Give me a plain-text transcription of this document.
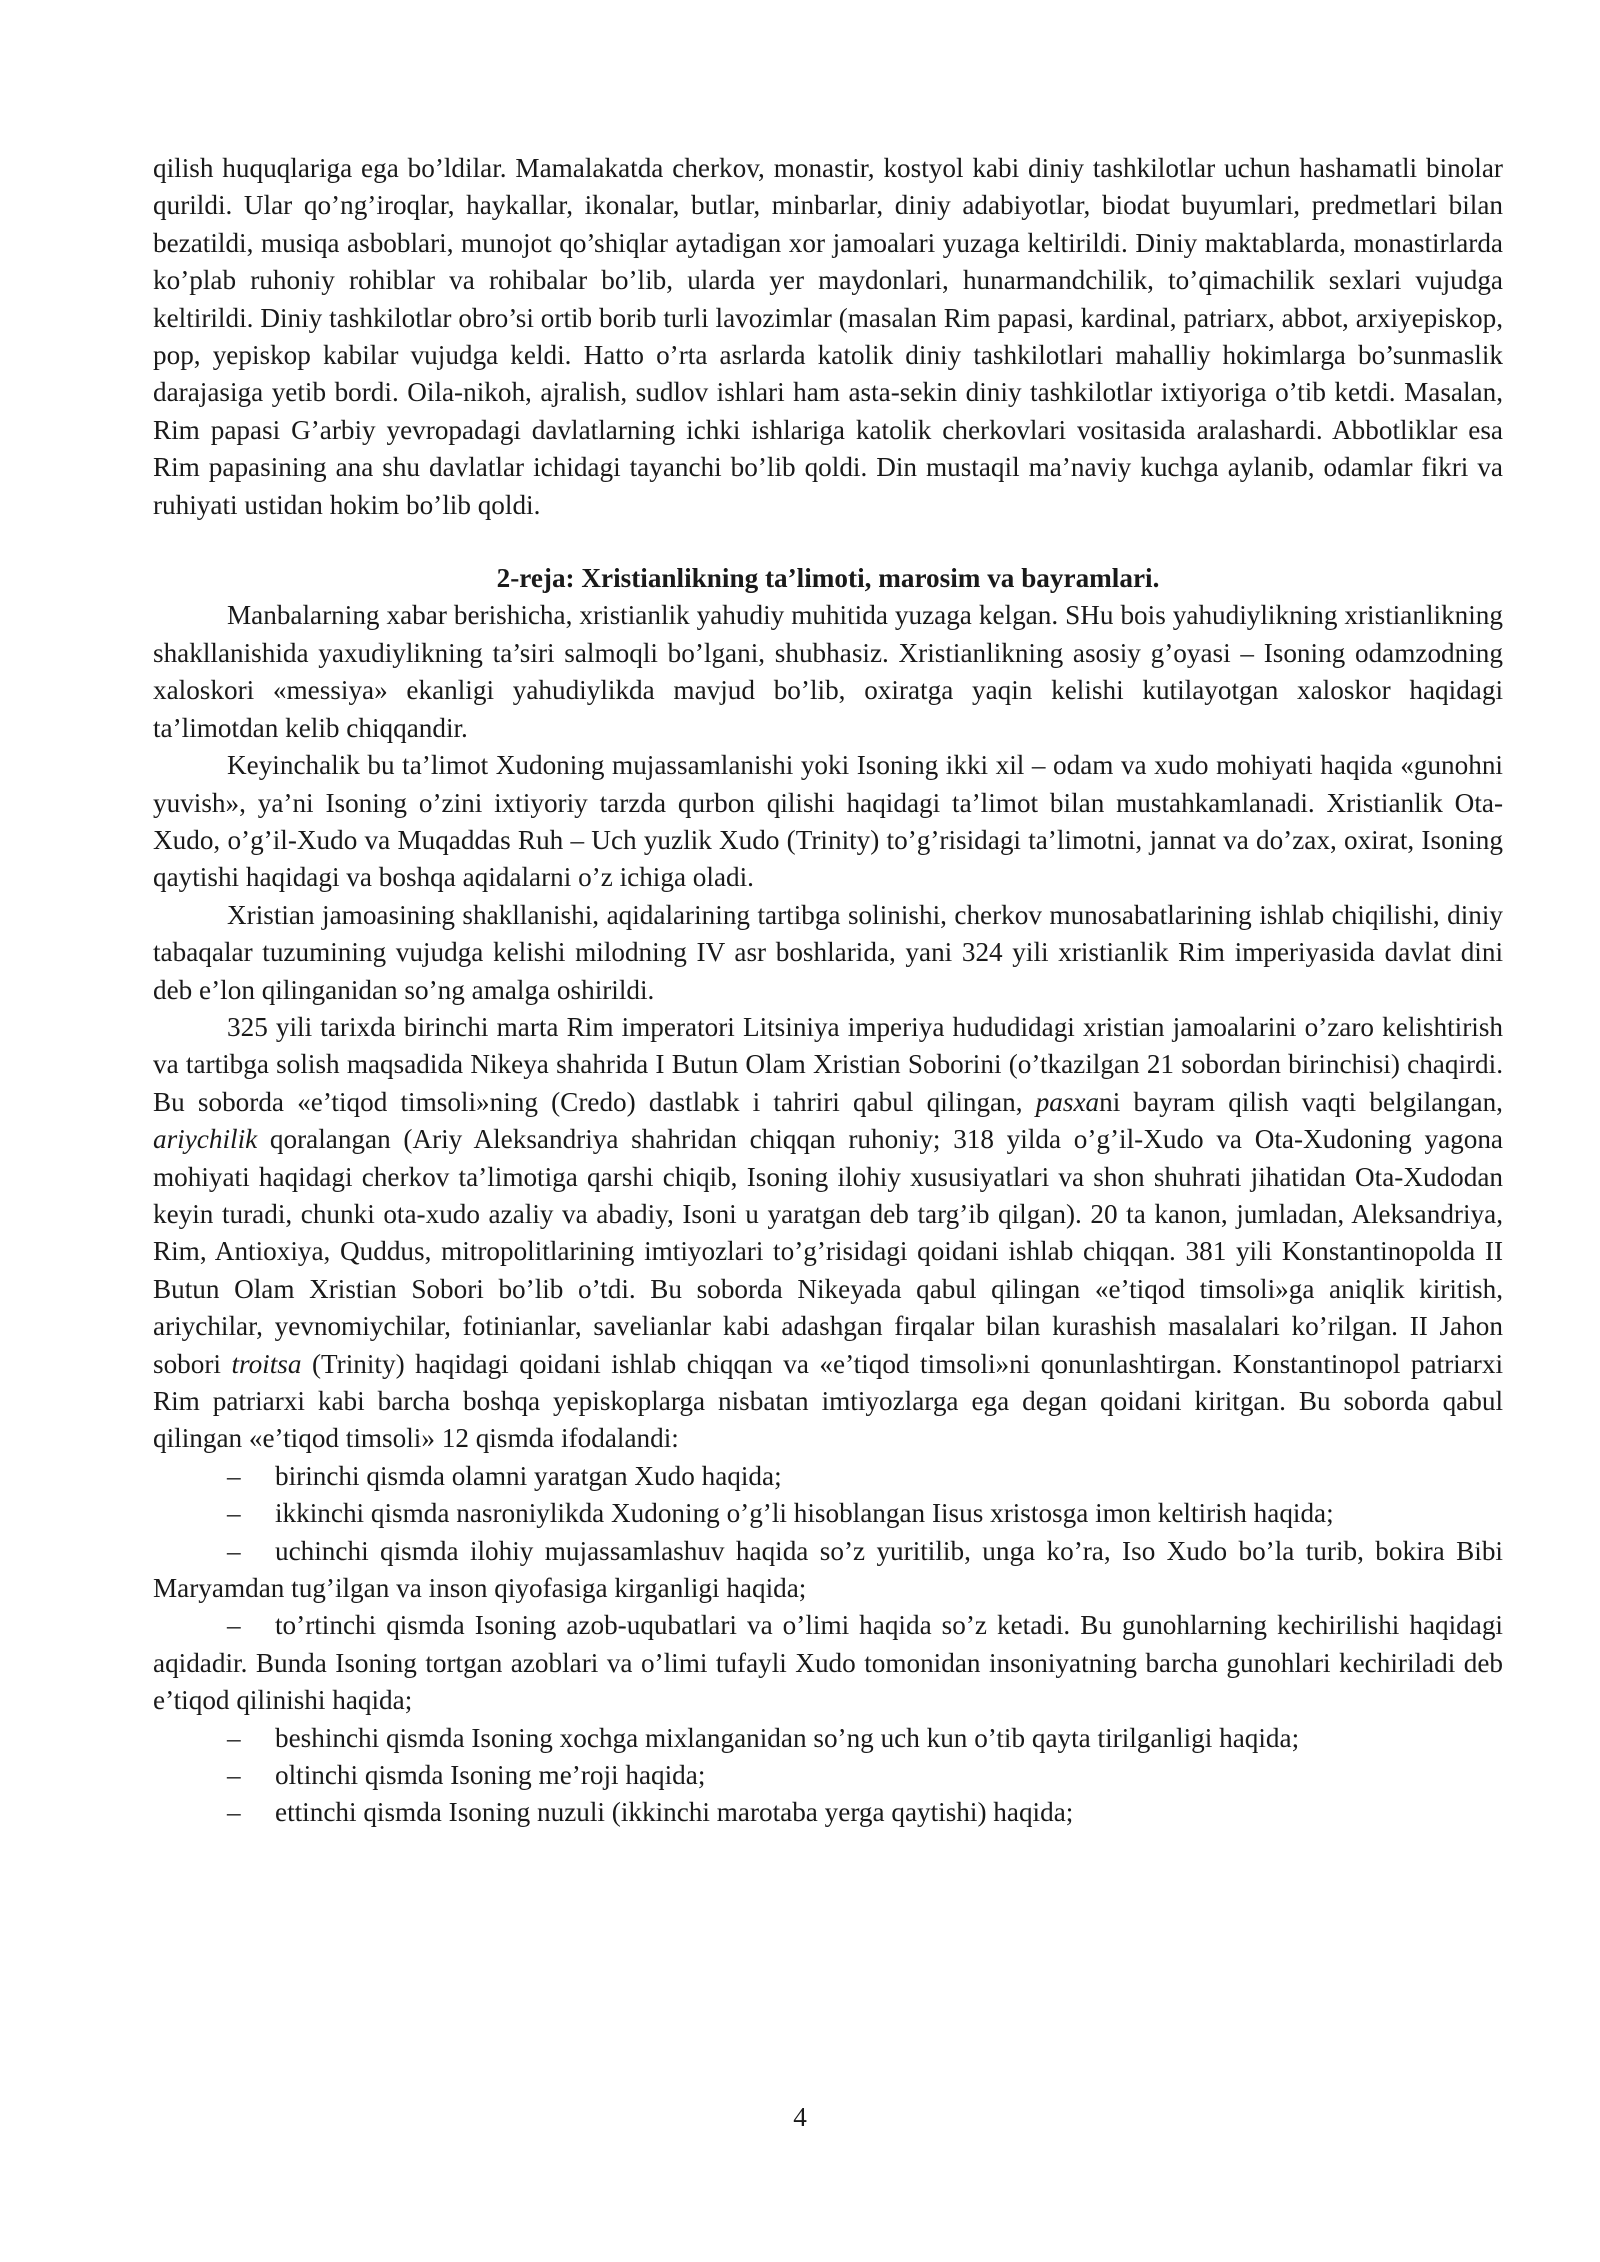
qilish huquqlariga ega bo’ldilar. Mamalakatda cherkov, monastir, kostyol kabi diniy tashkilotlar uchun hashamatli binolar qurildi. Ular qo’ng’iroqlar, haykallar, ikonalar, butlar, minbarlar, diniy adabiyotlar, biodat buyumlari, predmetlari bilan bezatildi, musiqa asboblari, munojot qo’shiqlar aytadigan xor jamoalari yuzaga keltirildi. Diniy maktablarda, monastirlarda ko’plab ruhoniy rohiblar va rohibalar bo’lib, ularda yer maydonlari, hunarmandchilik, to’qimachilik sexlari vujudga keltirildi. Diniy tashkilotlar obro’si ortib borib turli lavozimlar (masalan Rim papasi, kardinal, patriarx, abbot, arxiyepiskop, pop, yepiskop kabilar vujudga keldi. Hatto o’rta asrlarda katolik diniy tashkilotlari mahalliy hokimlarga bo’sunmaslik darajasiga yetib bordi. Oila-nikoh, ajralish, sudlov ishlari ham asta-sekin diniy tashkilotlar ixtiyoriga o’tib ketdi. Masalan, Rim papasi G’arbiy yevropadagi davlatlarning ichki ishlariga katolik cherkovlari vositasida aralashardi. Abbotliklar esa Rim papasining ana shu davlatlar ichidagi tayanchi bo’lib qoldi. Din mustaqil ma’naviy kuchga aylanib, odamlar fikri va ruhiyati ustidan hokim bo’lib qoldi.

2-reja: Xristianlikning ta’limoti, marosim va bayramlari.

Manbalarning xabar berishicha, xristianlik yahudiy muhitida yuzaga kelgan. SHu bois yahudiylikning xristianlikning shakllanishida yaxudiylikning ta’siri salmoqli bo’lgani, shubhasiz. Xristianlikning asosiy g’oyasi – Isoning odamzodning xaloskori «messiya» ekanligi yahudiylikda mavjud bo’lib, oxiratga yaqin kelishi kutilayotgan xaloskor haqidagi ta’limotdan kelib chiqqandir.

Keyinchalik bu ta’limot Xudoning mujassamlanishi yoki Isoning ikki xil – odam va xudo mohiyati haqida «gunohni yuvish», ya’ni Isoning o’zini ixtiyoriy tarzda qurbon qilishi haqidagi ta’limot bilan mustahkamlanadi. Xristianlik Ota-Xudo, o’g’il-Xudo va Muqaddas Ruh – Uch yuzlik Xudo (Trinity) to’g’risidagi ta’limotni, jannat va do’zax, oxirat, Isoning qaytishi haqidagi va boshqa aqidalarni o’z ichiga oladi.

Xristian jamoasining shakllanishi, aqidalarining tartibga solinishi, cherkov munosabatlarining ishlab chiqilishi, diniy tabaqalar tuzumining vujudga kelishi milodning IV asr boshlarida, yani 324 yili xristianlik Rim imperiyasida davlat dini deb e’lon qilinganidan so’ng amalga oshirildi.

325 yili tarixda birinchi marta Rim imperatori Litsiniya imperiya hududidagi xristian jamoalarini o’zaro kelishtirish va tartibga solish maqsadida Nikeya shahrida I Butun Olam Xristian Soborini (o’tkazilgan 21 sobordan birinchisi) chaqirdi. Bu soborda «e’tiqod timsoli»ning (Credo) dastlabk i tahriri qabul qilingan, pasxani bayram qilish vaqti belgilangan, ariychilik qoralangan (Ariy Aleksandriya shahridan chiqqan ruhoniy; 318 yilda o’g’il-Xudo va Ota-Xudoning yagona mohiyati haqidagi cherkov ta’limotiga qarshi chiqib, Isoning ilohiy xususiyatlari va shon shuhrati jihatidan Ota-Xudodan keyin turadi, chunki ota-xudo azaliy va abadiy, Isoni u yaratgan deb targ’ib qilgan). 20 ta kanon, jumladan, Aleksandriya, Rim, Antioxiya, Quddus, mitropolitlarining imtiyozlari to’g’risidagi qoidani ishlab chiqqan. 381 yili Konstantinopolda II Butun Olam Xristian Sobori bo’lib o’tdi. Bu soborda Nikeyada qabul qilingan «e’tiqod timsoli»ga aniqlik kiritish, ariychilar, yevnomiychilar, fotinianlar, savelianlar kabi adashgan firqalar bilan kurashish masalalari ko’rilgan. II Jahon sobori troitsa (Trinity) haqidagi qoidani ishlab chiqqan va «e’tiqod timsoli»ni qonunlashtirgan. Konstantinopol patriarxi Rim patriarxi kabi barcha boshqa yepiskoplarga nisbatan imtiyozlarga ega degan qoidani kiritgan. Bu soborda qabul qilingan «e’tiqod timsoli» 12 qismda ifodalandi:

– birinchi qismda olamni yaratgan Xudo haqida;

– ikkinchi qismda nasroniylikda Xudoning o’g’li hisoblangan Iisus xristosga imon keltirish haqida;

– uchinchi qismda ilohiy mujassamlashuv haqida so’z yuritilib, unga ko’ra, Iso Xudo bo’la turib, bokira Bibi Maryamdan tug’ilgan va inson qiyofasiga kirganligi haqida;

– to’rtinchi qismda Isoning azob-uqubatlari va o’limi haqida so’z ketadi. Bu gunohlarning kechirilishi haqidagi aqidadir. Bunda Isoning tortgan azoblari va o’limi tufayli Xudo tomonidan insoniyatning barcha gunohlari kechiriladi deb e’tiqod qilinishi haqida;

– beshinchi qismda Isoning xochga mixlanganidan so’ng uch kun o’tib qayta tirilganligi haqida;

– oltinchi qismda Isoning me’roji haqida;

– ettinchi qismda Isoning nuzuli (ikkinchi marotaba yerga qaytishi) haqida;

4
